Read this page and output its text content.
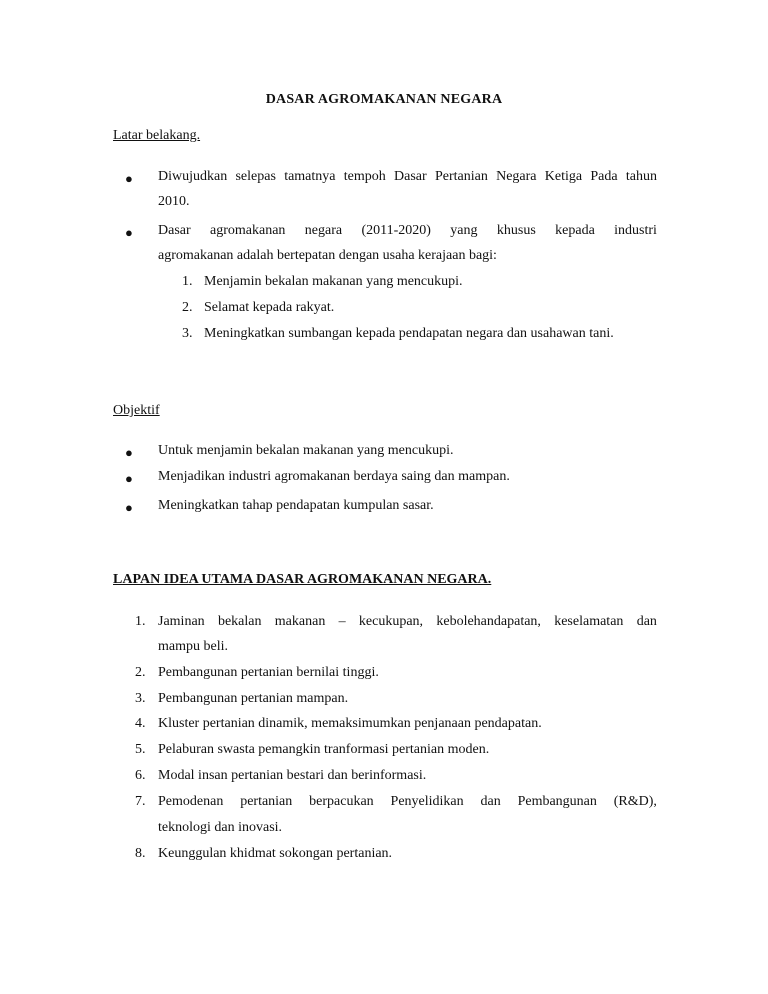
DASAR AGROMAKANAN NEGARA
Latar belakang.
● Diwujudkan selepas tamatnya tempoh Dasar Pertanian Negara Ketiga Pada tahun
2010.
● Dasar agromakanan negara (2011-2020) yang khusus kepada industri
agromakanan adalah bertepatan dengan usaha kerajaan bagi:
1. Menjamin bekalan makanan yang mencukupi.
2. Selamat kepada rakyat.
3. Meningkatkan sumbangan kepada pendapatan negara dan usahawan tani.
Objektif
● Untuk menjamin bekalan makanan yang mencukupi.
● Menjadikan industri agromakanan berdaya saing dan mampan.
● Meningkatkan tahap pendapatan kumpulan sasar.
LAPAN IDEA UTAMA DASAR AGROMAKANAN NEGARA.
1. Jaminan bekalan makanan – kecukupan, kebolehandapatan, keselamatan dan
mampu beli.
2. Pembangunan pertanian bernilai tinggi.
3. Pembangunan pertanian mampan.
4. Kluster pertanian dinamik, memaksimumkan penjanaan pendapatan.
5. Pelaburan swasta pemangkin tranformasi pertanian moden.
6. Modal insan pertanian bestari dan berinformasi.
7. Pemodenan pertanian berpacukan Penyelidikan dan Pembangunan (R&D),
teknologi dan inovasi.
8. Keunggulan khidmat sokongan pertanian.
